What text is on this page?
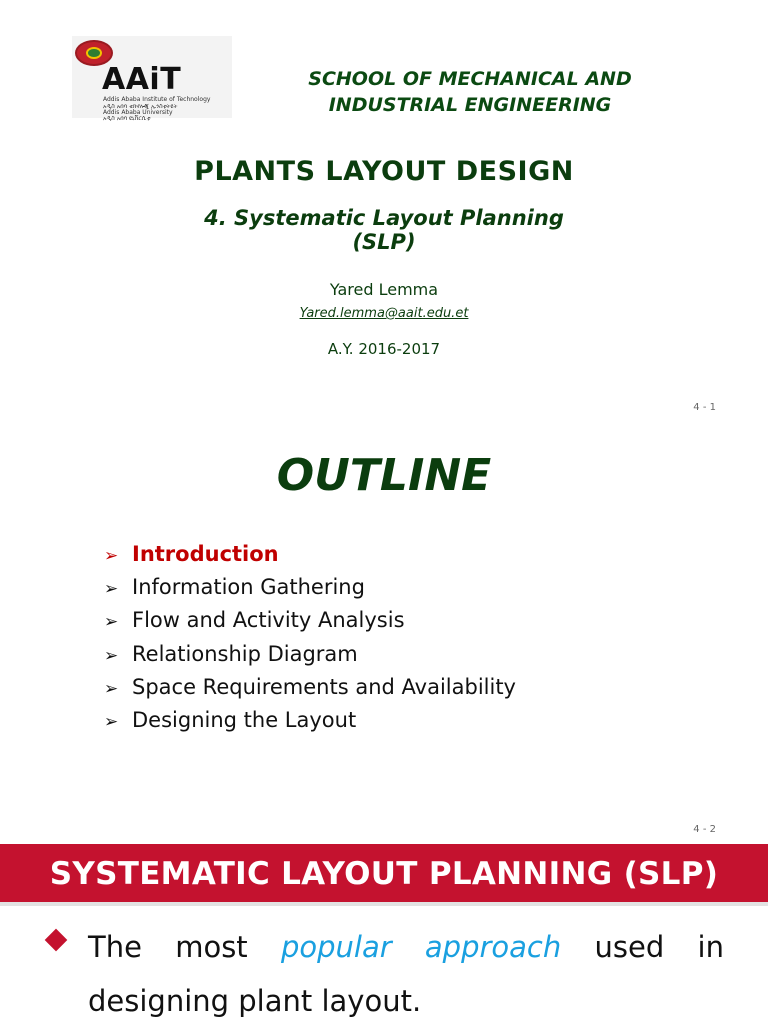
AAiT
Addis Ababa Institute of Technology
አዲስ አበባ ቴክኖሎጂ ኢንስቲትዩት
Addis Ababa University
አዲስ አበባ ዩኒቨርሲቲ
SCHOOL OF MECHANICAL AND
INDUSTRIAL ENGINEERING
PLANTS LAYOUT DESIGN
4. Systematic Layout Planning
(SLP)
Yared Lemma
Yared.lemma@aait.edu.et
A.Y. 2016-2017
4 - 1
OUTLINE
➢ Introduction
➢ Information Gathering
➢ Flow and Activity Analysis
➢ Relationship Diagram
➢ Space Requirements and Availability
➢ Designing the Layout
4 - 2
SYSTEMATIC LAYOUT PLANNING (SLP)
The most popular approach used in designing plant layout.
